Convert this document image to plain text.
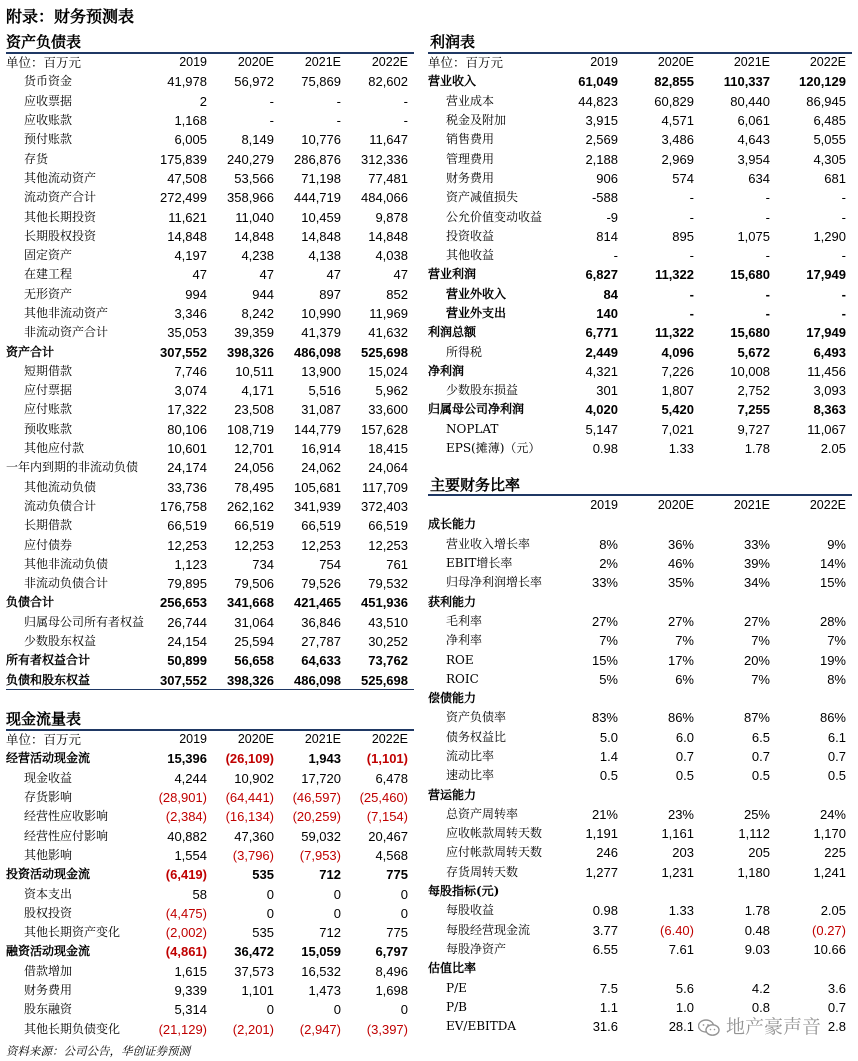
附录：财务预测表
资产负债表
单位：百万元	2019	2020E	2021E	2022E
货币资金	41,978	56,972	75,869	82,602
应收票据	2	-	-	-
应收账款	1,168	-	-	-
预付账款	6,005	8,149	10,776	11,647
存货	175,839	240,279	286,876	312,336
其他流动资产	47,508	53,566	71,198	77,481
流动资产合计	272,499	358,966	444,719	484,066
其他长期投资	11,621	11,040	10,459	9,878
长期股权投资	14,848	14,848	14,848	14,848
固定资产	4,197	4,238	4,138	4,038
在建工程	47	47	47	47
无形资产	994	944	897	852
其他非流动资产	3,346	8,242	10,990	11,969
非流动资产合计	35,053	39,359	41,379	41,632
资产合计	307,552	398,326	486,098	525,698
短期借款	7,746	10,511	13,900	15,024
应付票据	3,074	4,171	5,516	5,962
应付账款	17,322	23,508	31,087	33,600
预收账款	80,106	108,719	144,779	157,628
其他应付款	10,601	12,701	16,914	18,415
一年内到期的非流动负债	24,174	24,056	24,062	24,064
其他流动负债	33,736	78,495	105,681	117,709
流动负债合计	176,758	262,162	341,939	372,403
长期借款	66,519	66,519	66,519	66,519
应付债券	12,253	12,253	12,253	12,253
其他非流动负债	1,123	734	754	761
非流动负债合计	79,895	79,506	79,526	79,532
负债合计	256,653	341,668	421,465	451,936
归属母公司所有者权益	26,744	31,064	36,846	43,510
少数股东权益	24,154	25,594	27,787	30,252
所有者权益合计	50,899	56,658	64,633	73,762
负债和股东权益	307,552	398,326	486,098	525,698
现金流量表
单位：百万元	2019	2020E	2021E	2022E
经营活动现金流	15,396	(26,109)	1,943	(1,101)
现金收益	4,244	10,902	17,720	6,478
存货影响	(28,901)	(64,441)	(46,597)	(25,460)
经营性应收影响	(2,384)	(16,134)	(20,259)	(7,154)
经营性应付影响	40,882	47,360	59,032	20,467
其他影响	1,554	(3,796)	(7,953)	4,568
投资活动现金流	(6,419)	535	712	775
资本支出	58	0	0	0
股权投资	(4,475)	0	0	0
其他长期资产变化	(2,002)	535	712	775
融资活动现金流	(4,861)	36,472	15,059	6,797
借款增加	1,615	37,573	16,532	8,496
财务费用	9,339	1,101	1,473	1,698
股东融资	5,314	0	0	0
其他长期负债变化	(21,129)	(2,201)	(2,947)	(3,397)
利润表
单位：百万元	2019	2020E	2021E	2022E
营业收入	61,049	82,855	110,337	120,129
营业成本	44,823	60,829	80,440	86,945
税金及附加	3,915	4,571	6,061	6,485
销售费用	2,569	3,486	4,643	5,055
管理费用	2,188	2,969	3,954	4,305
财务费用	906	574	634	681
资产减值损失	-588	-	-	-
公允价值变动收益	-9	-	-	-
投资收益	814	895	1,075	1,290
其他收益	-	-	-	-
营业利润	6,827	11,322	15,680	17,949
营业外收入	84	-	-	-
营业外支出	140	-	-	-
利润总额	6,771	11,322	15,680	17,949
所得税	2,449	4,096	5,672	6,493
净利润	4,321	7,226	10,008	11,456
少数股东损益	301	1,807	2,752	3,093
归属母公司净利润	4,020	5,420	7,255	8,363
NOPLAT	5,147	7,021	9,727	11,067
EPS(摊薄)（元）	0.98	1.33	1.78	2.05
主要财务比率
	2019	2020E	2021E	2022E
成长能力				
营业收入增长率	8%	36%	33%	9%
EBIT增长率	2%	46%	39%	14%
归母净利润增长率	33%	35%	34%	15%
获利能力				
毛利率	27%	27%	27%	28%
净利率	7%	7%	7%	7%
ROE	15%	17%	20%	19%
ROIC	5%	6%	7%	8%
偿债能力				
资产负债率	83%	86%	87%	86%
债务权益比	5.0	6.0	6.5	6.1
流动比率	1.4	0.7	0.7	0.7
速动比率	0.5	0.5	0.5	0.5
营运能力				
总资产周转率	21%	23%	25%	24%
应收帐款周转天数	1,191	1,161	1,112	1,170
应付帐款周转天数	246	203	205	225
存货周转天数	1,277	1,231	1,180	1,241
每股指标(元)				
每股收益	0.98	1.33	1.78	2.05
每股经营现金流	3.77	(6.40)	0.48	(0.27)
每股净资产	6.55	7.61	9.03	10.66
估值比率				
P/E	7.5	5.6	4.2	3.6
P/B	1.1	1.0	0.8	0.7
EV/EBITDA	31.6	28.1		2.8
地产豪声音
资料来源：公司公告，华创证券预测
